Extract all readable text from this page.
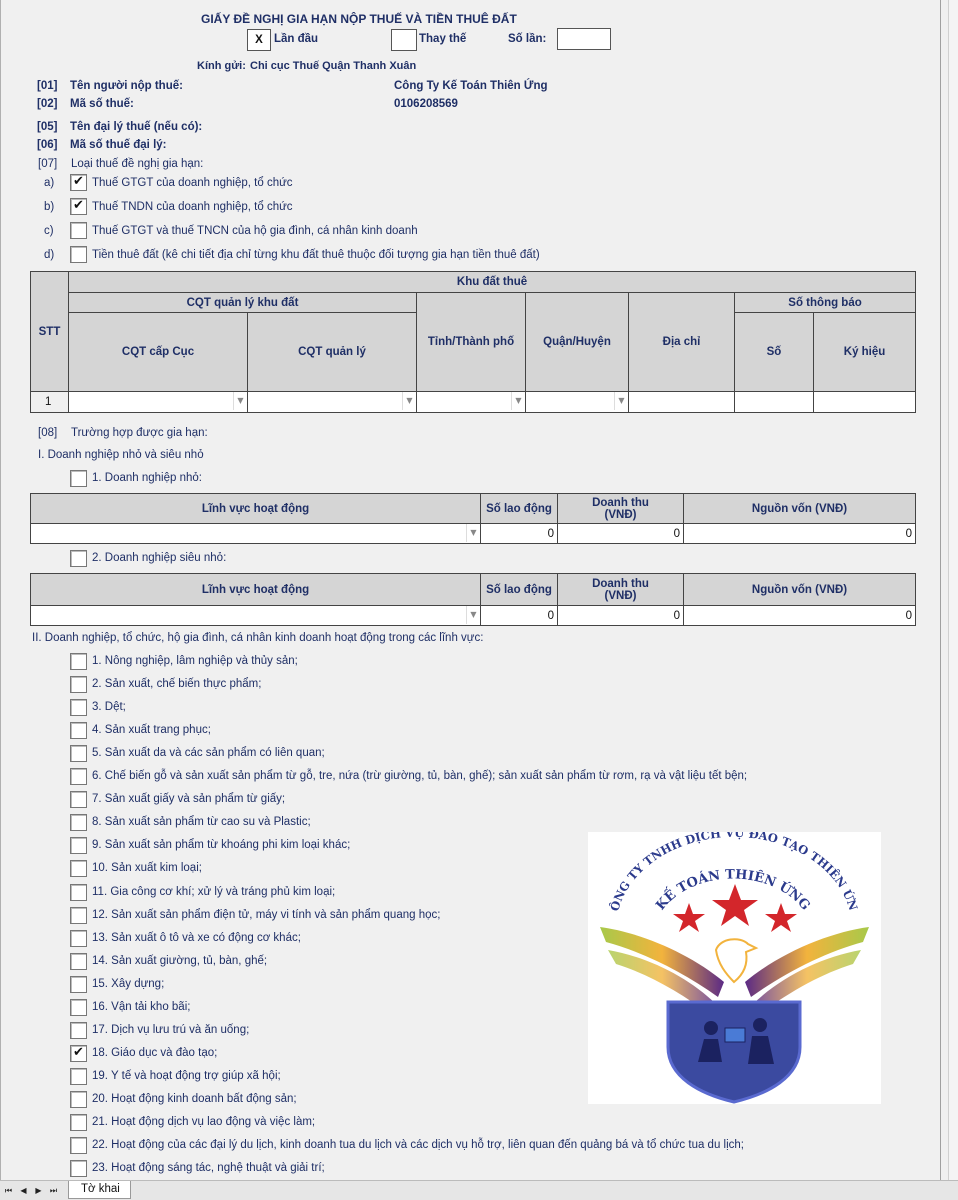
GIẤY ĐỀ NGHỊ GIA HẠN NỘP THUẾ VÀ TIỀN THUÊ ĐẤT
X Lần đầu	Thay thế	Số lần:
Kính gửi: Chi cục Thuế Quận Thanh Xuân
[01] Tên người nộp thuế:	Công Ty Kế Toán Thiên Ứng
[02] Mã số thuế:	0106208569
[05] Tên đại lý thuế (nếu có):
[06] Mã số thuế đại lý:
[07] Loại thuế đề nghị gia hạn:
a) ✔	Thuế GTGT của doanh nghiệp, tổ chức
b) ✔	Thuế TNDN của doanh nghiệp, tổ chức
c)	Thuế GTGT và thuế TNCN của hộ gia đình, cá nhân kinh doanh
d)	Tiền thuê đất (kê chi tiết địa chỉ từng khu đất thuê thuộc đối tượng gia hạn tiền thuê đất)
STT	Khu đất thuê						
	CQT quản lý khu đất		Tỉnh/Thành phố	Quận/Huyện	Địa chỉ	Số thông báo	
	CQT cấp Cục	CQT quản lý				Số	Ký hiệu

1	▼	▼	▼	▼			

[08] Trường hợp được gia hạn:
I. Doanh nghiệp nhỏ và siêu nhỏ
1. Doanh nghiệp nhỏ:
Lĩnh vực hoạt động	Số lao động	Doanh thu (VNĐ)	Nguồn vốn (VNĐ)

▼	0	0	0
2. Doanh nghiệp siêu nhỏ:
Lĩnh vực hoạt động	Số lao động	Doanh thu (VNĐ)	Nguồn vốn (VNĐ)

▼	0	0	0
II. Doanh nghiệp, tổ chức, hộ gia đình, cá nhân kinh doanh hoạt động trong các lĩnh vực:
1. Nông nghiệp, lâm nghiệp và thủy sản;
2. Sản xuất, chế biến thực phẩm;
3. Dệt;
4. Sản xuất trang phục;
5. Sản xuất da và các sản phẩm có liên quan;
6. Chế biến gỗ và sản xuất sản phẩm từ gỗ, tre, nứa (trừ giường, tủ, bàn, ghế); sản xuất sản phẩm từ rơm, rạ và vật liệu tết bện;
7. Sản xuất giấy và sản phẩm từ giấy;
8. Sản xuất sản phẩm từ cao su và Plastic;
9. Sản xuất sản phẩm từ khoáng phi kim loại khác;
10. Sản xuất kim loại;
11. Gia công cơ khí; xử lý và tráng phủ kim loại;
12. Sản xuất sản phẩm điện tử, máy vi tính và sản phẩm quang học;
13. Sản xuất ô tô và xe có động cơ khác;
14. Sản xuất giường, tủ, bàn, ghế;
15. Xây dựng;
16. Vận tải kho bãi;
17. Dịch vụ lưu trú và ăn uống;
✔
18. Giáo dục và đào tạo;
19. Y tế và hoạt động trợ giúp xã hội;
20. Hoạt động kinh doanh bất động sản;
21. Hoạt động dịch vụ lao động và việc làm;
22. Hoạt động của các đại lý du lịch, kinh doanh tua du lịch và các dịch vụ hỗ trợ, liên quan đến quảng bá và tổ chức tua du lịch;
23. Hoạt động sáng tác, nghệ thuật và giải trí;
ÔNG TY TNHH DỊCH VỤ ĐÀO TẠO THIÊN ỨN
KẾ TOÁN THIÊN ỨNG
⏮	◀	▶	⏭	Tờ khai
